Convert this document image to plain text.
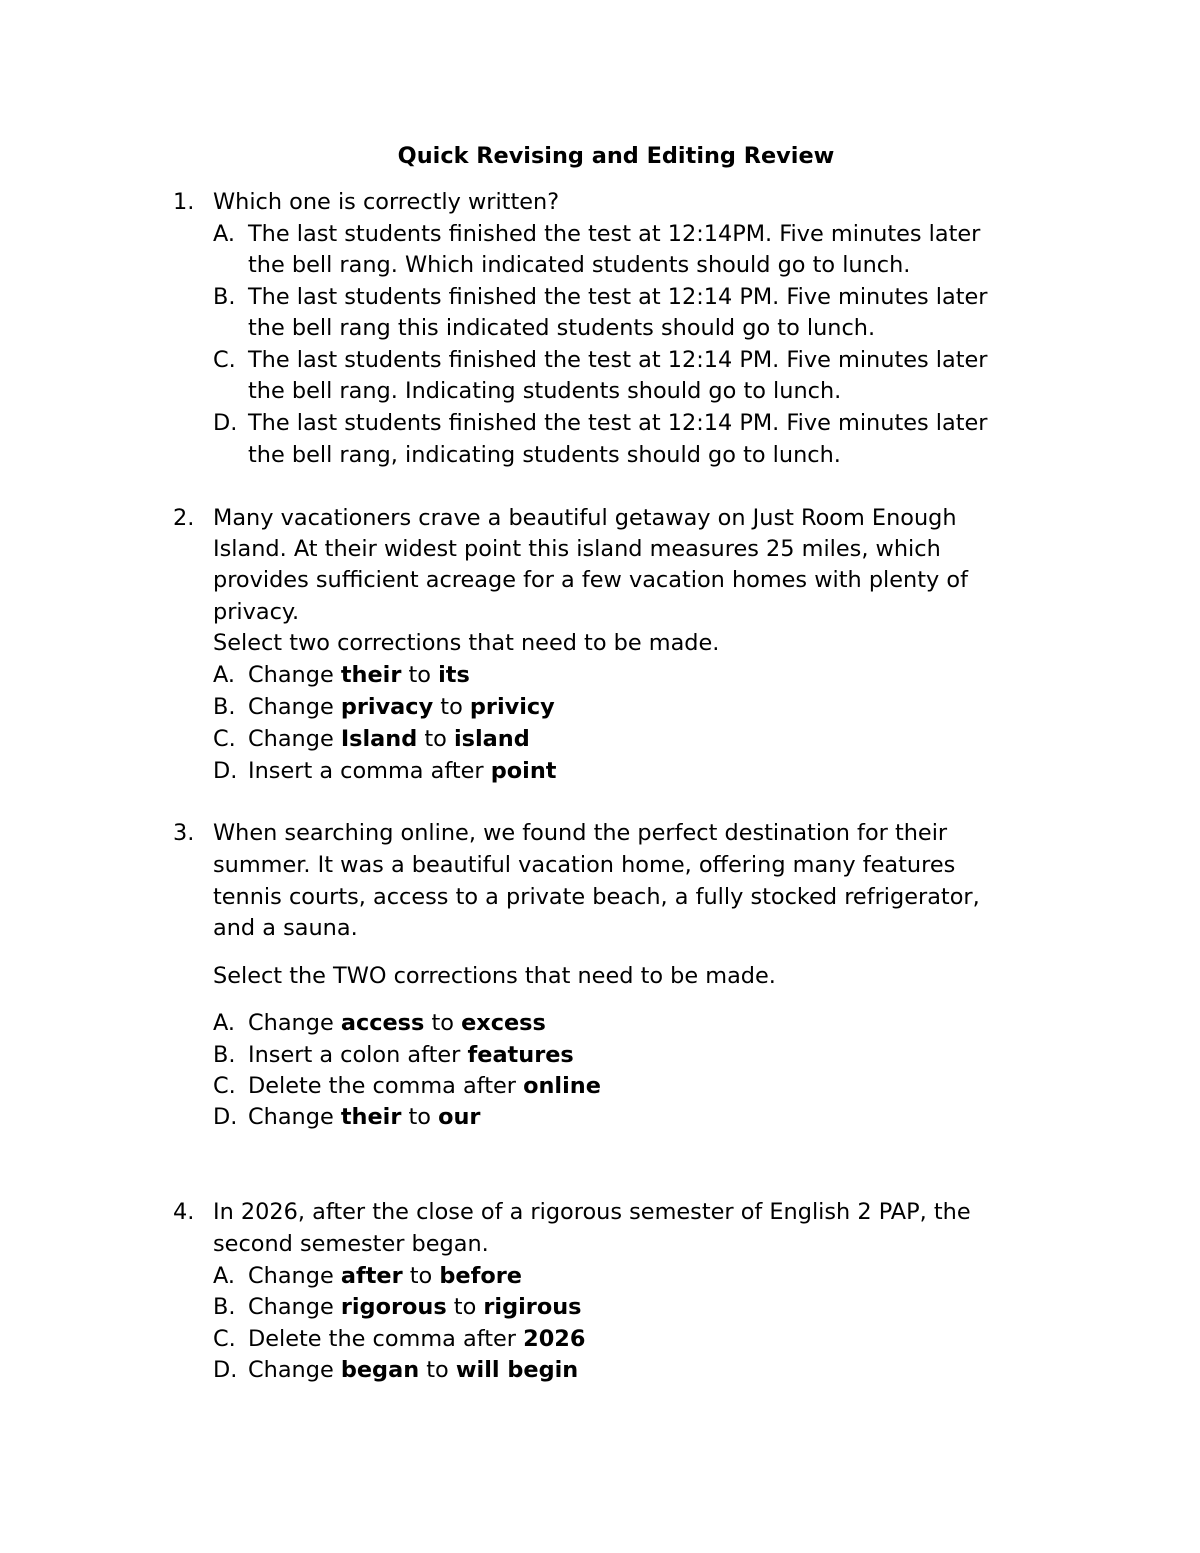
Quick Revising and Editing Review
1. Which one is correctly written?
A. The last students finished the test at 12:14PM. Five minutes later
the bell rang. Which indicated students should go to lunch.
B. The last students finished the test at 12:14 PM. Five minutes later
the bell rang this indicated students should go to lunch.
C. The last students finished the test at 12:14 PM. Five minutes later
the bell rang. Indicating students should go to lunch.
D. The last students finished the test at 12:14 PM. Five minutes later
the bell rang, indicating students should go to lunch.
2. Many vacationers crave a beautiful getaway on Just Room Enough
Island. At their widest point this island measures 25 miles, which
provides sufficient acreage for a few vacation homes with plenty of
privacy.
Select two corrections that need to be made.
A. Change their to its
B. Change privacy to privicy
C. Change Island to island
D. Insert a comma after point
3. When searching online, we found the perfect destination for their
summer. It was a beautiful vacation home, offering many features
tennis courts, access to a private beach, a fully stocked refrigerator,
and a sauna.
Select the TWO corrections that need to be made.
A. Change access to excess
B. Insert a colon after features
C. Delete the comma after online
D. Change their to our
4. In 2026, after the close of a rigorous semester of English 2 PAP, the
second semester began.
A. Change after to before
B. Change rigorous to rigirous
C. Delete the comma after 2026
D. Change began to will begin
